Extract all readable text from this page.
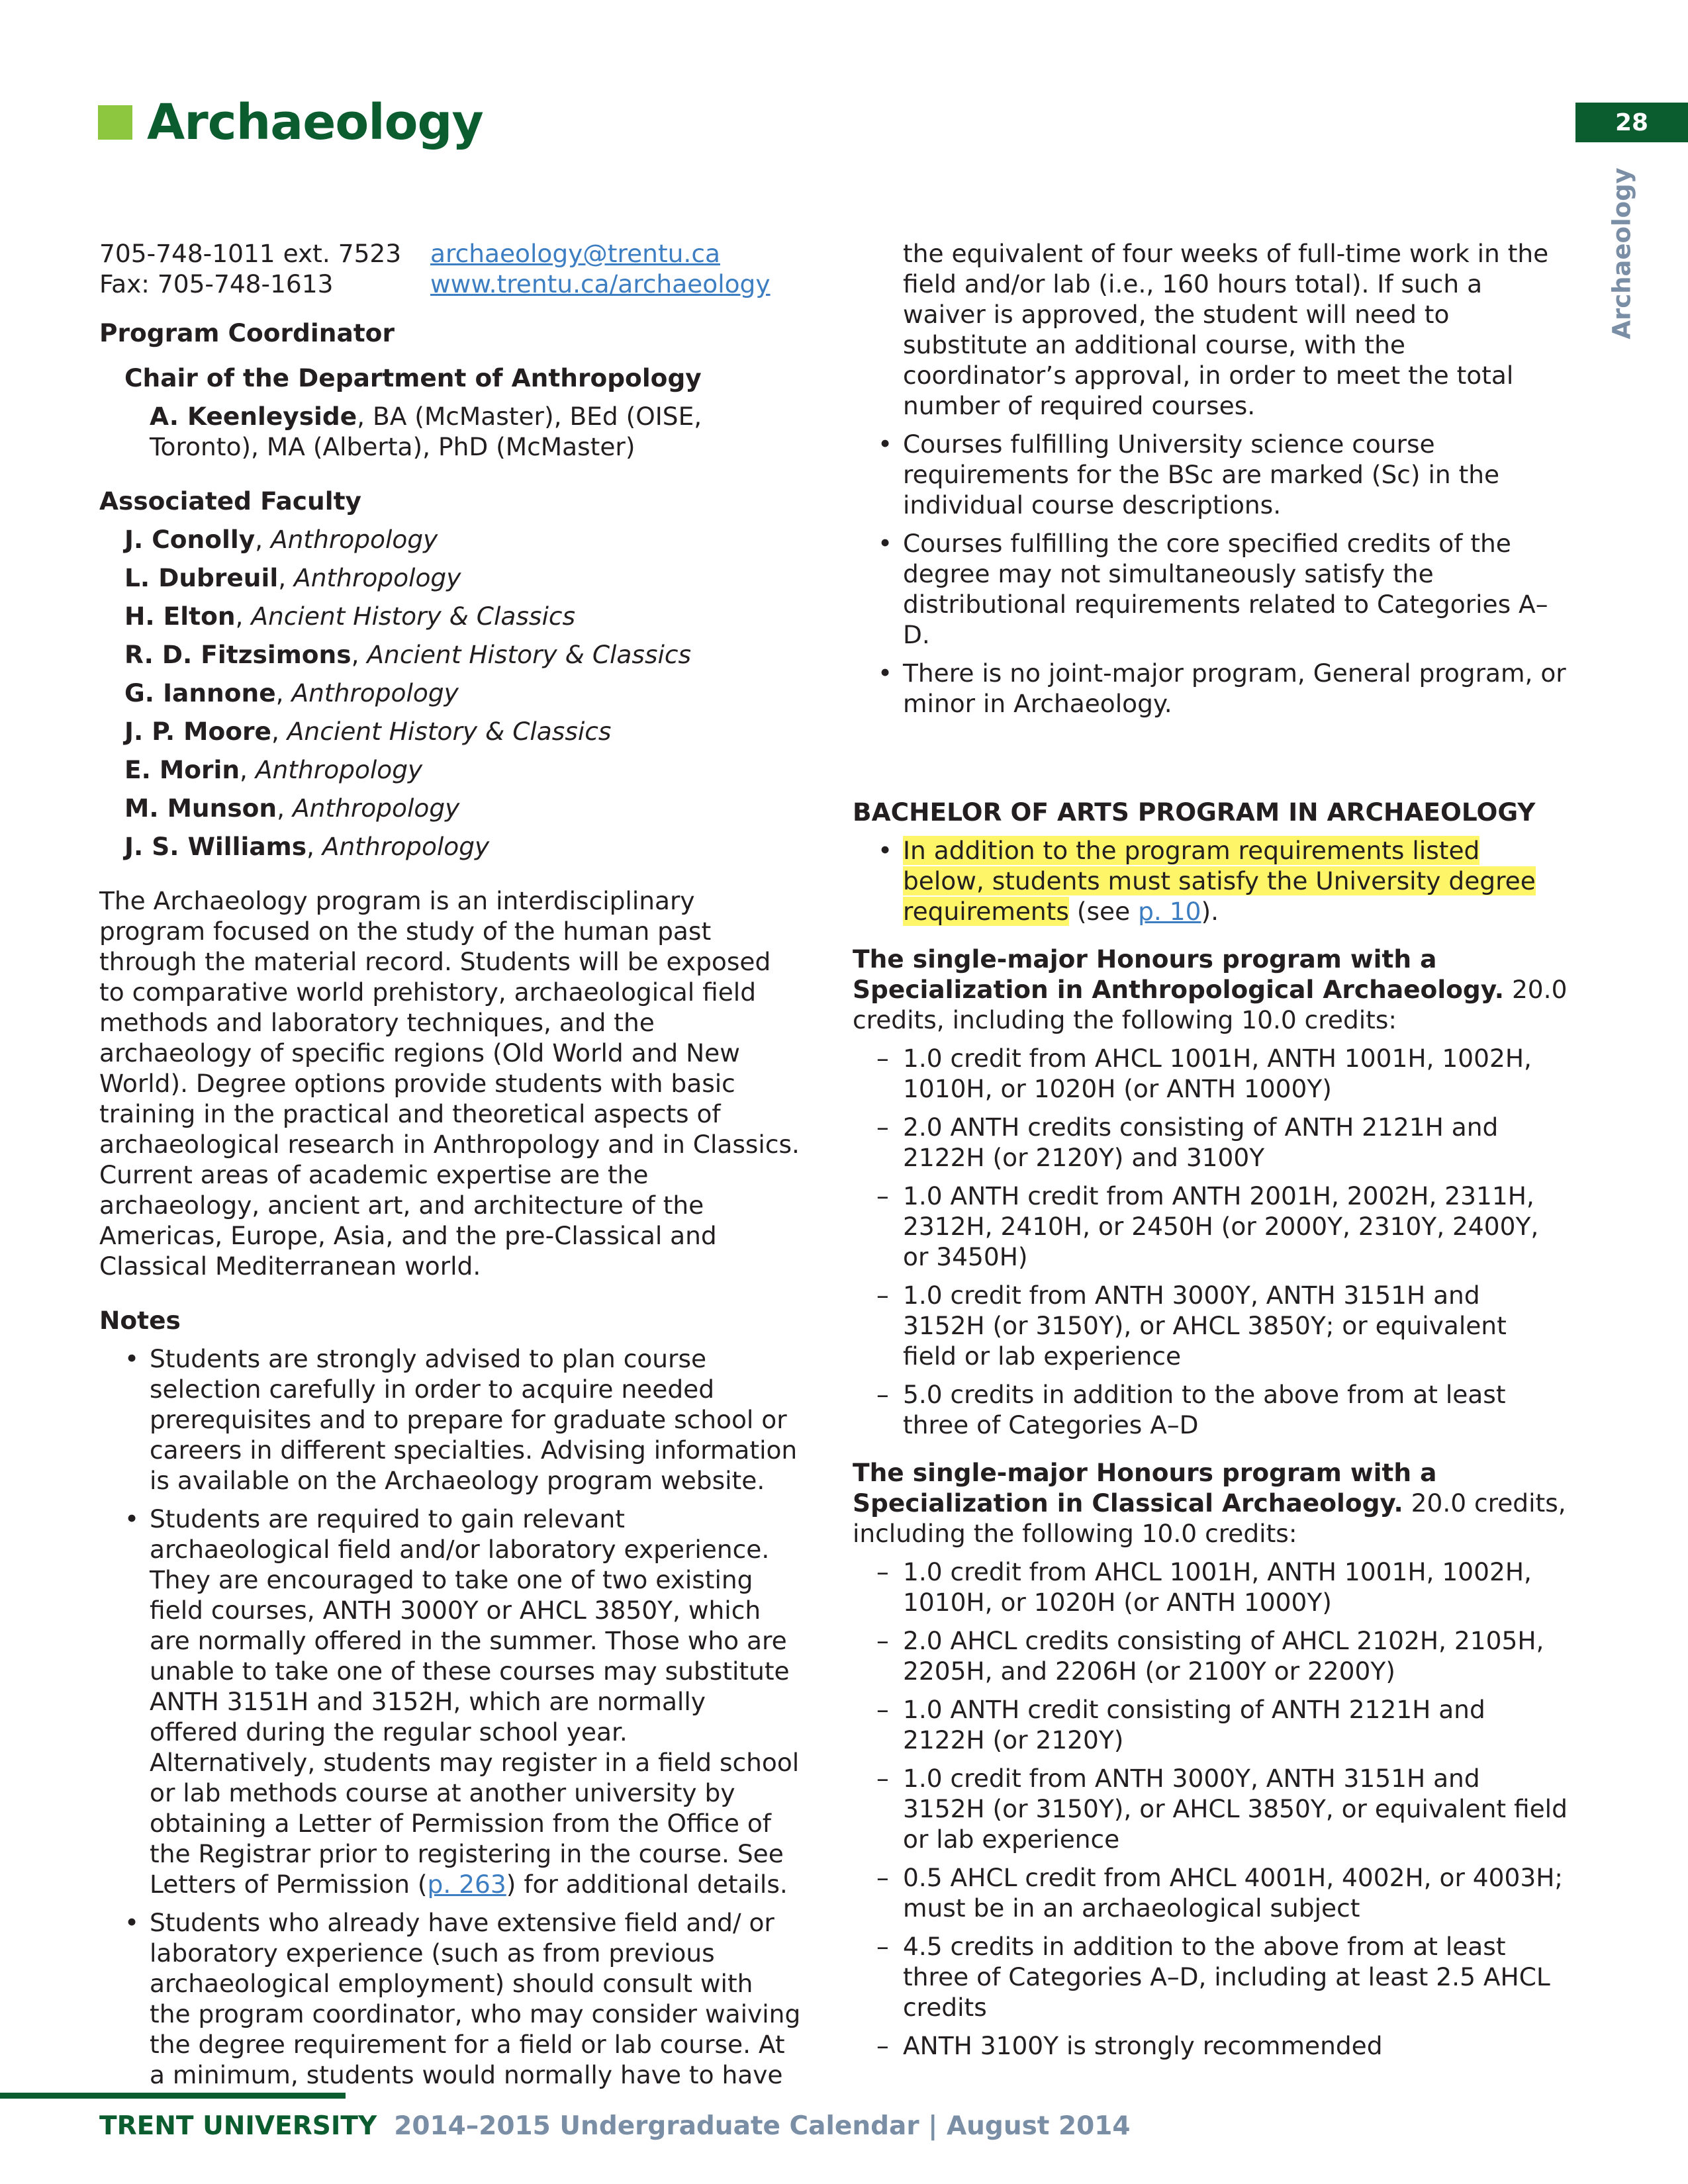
Archaeology	28
Archaeology
705-748-1011 ext. 7523	archaeology@trentu.ca
Fax: 705-748-1613	www.trentu.ca/archaeology
Program Coordinator
Chair of the Department of Anthropology
A. Keenleyside, BA (McMaster), BEd (OISE, Toronto), MA (Alberta), PhD (McMaster)
Associated Faculty
J. Conolly, Anthropology
L. Dubreuil, Anthropology
H. Elton, Ancient History & Classics
R. D. Fitzsimons, Ancient History & Classics
G. Iannone, Anthropology
J. P. Moore, Ancient History & Classics
E. Morin, Anthropology
M. Munson, Anthropology
J. S. Williams, Anthropology

The Archaeology program is an interdisciplinary program focused on the study of the human past through the material record. Students will be exposed to comparative world prehistory, archaeological field methods and laboratory techniques, and the archaeology of specific regions (Old World and New World). Degree options provide students with basic training in the practical and theoretical aspects of archaeological research in Anthropology and in Classics. Current areas of academic expertise are the archaeology, ancient art, and architecture of the Americas, Europe, Asia, and the pre-Classical and Classical Mediterranean world.

Notes
• Students are strongly advised to plan course selection carefully in order to acquire needed prerequisites and to prepare for graduate school or careers in different specialties. Advising information is available on the Archaeology program website.
• Students are required to gain relevant archaeological field and/or laboratory experience. They are encouraged to take one of two existing field courses, ANTH 3000Y or AHCL 3850Y, which are normally offered in the summer. Those who are unable to take one of these courses may substitute ANTH 3151H and 3152H, which are normally offered during the regular school year. Alternatively, students may register in a field school or lab methods course at another university by obtaining a Letter of Permission from the Office of the Registrar prior to registering in the course. See Letters of Permission (p. 263) for additional details.
• Students who already have extensive field and/ or laboratory experience (such as from previous archaeological employment) should consult with the program coordinator, who may consider waiving the degree requirement for a field or lab course. At a minimum, students would normally have to have
the equivalent of four weeks of full-time work in the field and/or lab (i.e., 160 hours total). If such a waiver is approved, the student will need to substitute an additional course, with the coordinator’s approval, in order to meet the total number of required courses.
• Courses fulfilling University science course requirements for the BSc are marked (Sc) in the individual course descriptions.
• Courses fulfilling the core specified credits of the degree may not simultaneously satisfy the distributional requirements related to Categories A–D.
• There is no joint-major program, General program, or minor in Archaeology.
BACHELOR OF ARTS PROGRAM IN ARCHAEOLOGY
• In addition to the program requirements listed below, students must satisfy the University degree requirements (see p. 10).
The single-major Honours program with a Specialization in Anthropological Archaeology. 20.0 credits, including the following 10.0 credits:
– 1.0 credit from AHCL 1001H, ANTH 1001H, 1002H, 1010H, or 1020H (or ANTH 1000Y)
– 2.0 ANTH credits consisting of ANTH 2121H and 2122H (or 2120Y) and 3100Y
– 1.0 ANTH credit from ANTH 2001H, 2002H, 2311H, 2312H, 2410H, or 2450H (or 2000Y, 2310Y, 2400Y, or 3450H)
– 1.0 credit from ANTH 3000Y, ANTH 3151H and 3152H (or 3150Y), or AHCL 3850Y; or equivalent field or lab experience
– 5.0 credits in addition to the above from at least three of Categories A–D
The single-major Honours program with a Specialization in Classical Archaeology. 20.0 credits, including the following 10.0 credits:
– 1.0 credit from AHCL 1001H, ANTH 1001H, 1002H, 1010H, or 1020H (or ANTH 1000Y)
– 2.0 AHCL credits consisting of AHCL 2102H, 2105H, 2205H, and 2206H (or 2100Y or 2200Y)
– 1.0 ANTH credit consisting of ANTH 2121H and 2122H (or 2120Y)
– 1.0 credit from ANTH 3000Y, ANTH 3151H and 3152H (or 3150Y), or AHCL 3850Y, or equivalent field or lab experience
– 0.5 AHCL credit from AHCL 4001H, 4002H, or 4003H; must be in an archaeological subject
– 4.5 credits in addition to the above from at least three of Categories A–D, including at least 2.5 AHCL credits
– ANTH 3100Y is strongly recommended
TRENT UNIVERSITY 2014–2015 Undergraduate Calendar | August 2014
